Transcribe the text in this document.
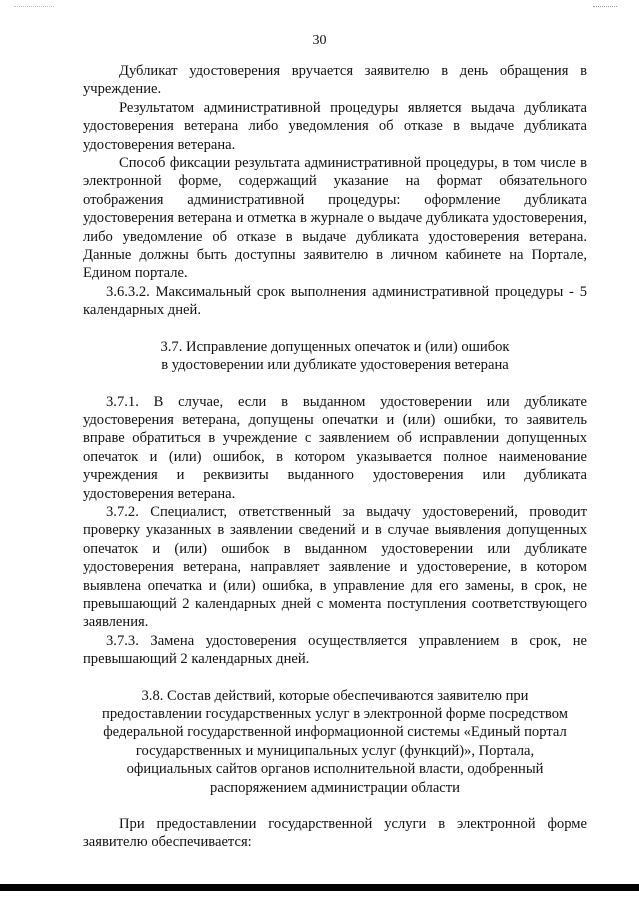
30

Дубликат удостоверения вручается заявителю в день обращения в учреждение.

Результатом административной процедуры является выдача дубликата удостоверения ветерана либо уведомления об отказе в выдаче дубликата удостоверения ветерана.

Способ фиксации результата административной процедуры, в том числе в электронной форме, содержащий указание на формат обязательного отображения административной процедуры: оформление дубликата удостоверения ветерана и отметка в журнале о выдаче дубликата удостоверения, либо уведомление об отказе в выдаче дубликата удостоверения ветерана. Данные должны быть доступны заявителю в личном кабинете на Портале, Едином портале.

3.6.3.2. Максимальный срок выполнения административной процедуры - 5 календарных дней.

3.7. Исправление допущенных опечаток и (или) ошибок
в удостоверении или дубликате удостоверения ветерана

3.7.1. В случае, если в выданном удостоверении или дубликате удостоверения ветерана, допущены опечатки и (или) ошибки, то заявитель вправе обратиться в учреждение с заявлением об исправлении допущенных опечаток и (или) ошибок, в котором указывается полное наименование учреждения и реквизиты выданного удостоверения или дубликата удостоверения ветерана.

3.7.2. Специалист, ответственный за выдачу удостоверений, проводит проверку указанных в заявлении сведений и в случае выявления допущенных опечаток и (или) ошибок в выданном удостоверении или дубликате удостоверения ветерана, направляет заявление и удостоверение, в котором выявлена опечатка и (или) ошибка, в управление для его замены, в срок, не превышающий 2 календарных дней с момента поступления соответствующего заявления.

3.7.3. Замена удостоверения осуществляется управлением в срок, не превышающий 2 календарных дней.

3.8. Состав действий, которые обеспечиваются заявителю при
предоставлении государственных услуг в электронной форме посредством
федеральной государственной информационной системы «Единый портал
государственных и муниципальных услуг (функций)», Портала,
официальных сайтов органов исполнительной власти, одобренный
распоряжением администрации области

При предоставлении государственной услуги в электронной форме заявителю обеспечивается:
